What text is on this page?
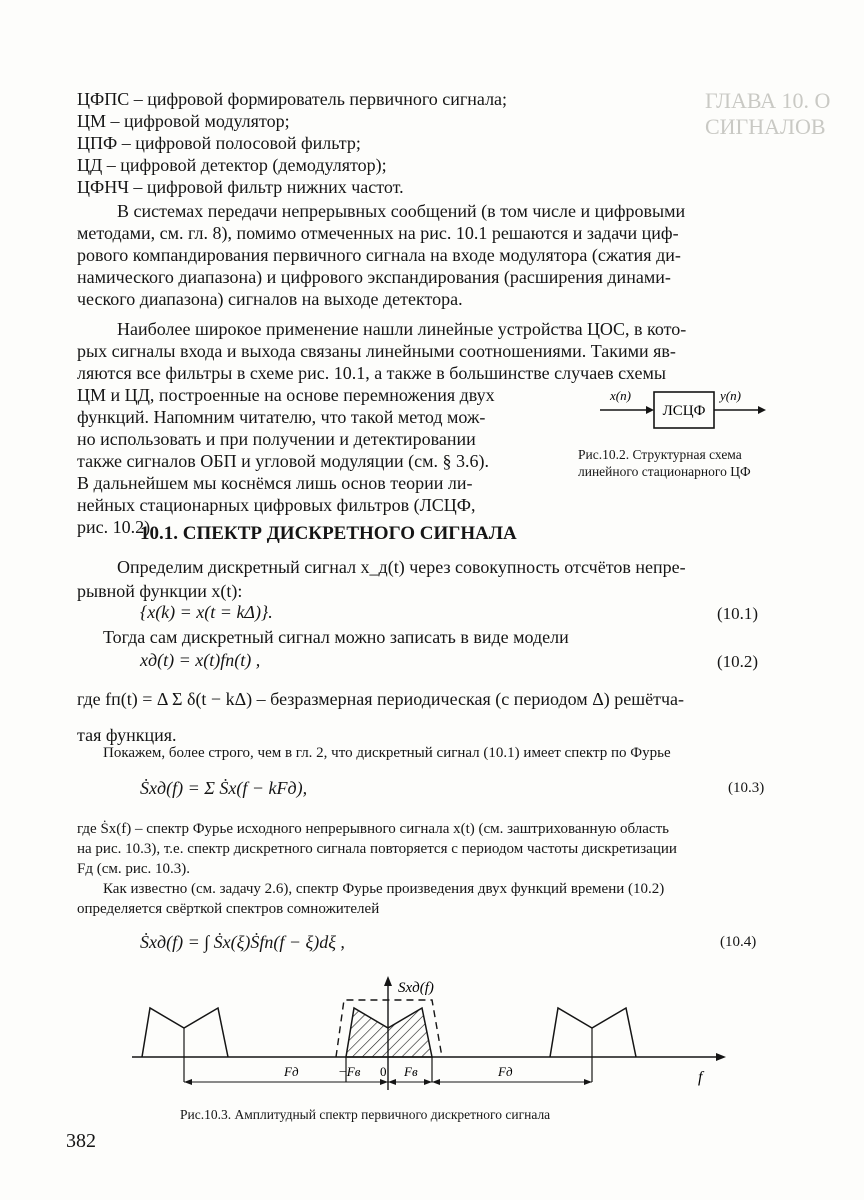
ГЛАВА 10. О
СИГНАЛОВ
ЦФПС – цифровой формирователь первичного сигнала;
ЦМ – цифровой модулятор;
ЦПФ – цифровой полосовой фильтр;
ЦД – цифровой детектор (демодулятор);
ЦФНЧ – цифровой фильтр нижних частот.
В системах передачи непрерывных сообщений (в том числе и цифровыми
методами, см. гл. 8), помимо отмеченных на рис. 10.1 решаются и задачи циф-
рового компандирования первичного сигнала на входе модулятора (сжатия ди-
намического диапазона) и цифрового экспандирования (расширения динами-
ческого диапазона) сигналов на выходе детектора.
Наиболее широкое применение нашли линейные устройства ЦОС, в кото-
рых сигналы входа и выхода связаны линейными соотношениями. Такими яв-
ляются все фильтры в схеме рис. 10.1, а также в большинстве случаев схемы
ЦМ и ЦД, построенные на основе перемножения двух
функций. Напомним читателю, что такой метод мож-
но использовать и при получении и детектировании
также сигналов ОБП и угловой модуляции (см. § 3.6).
В дальнейшем мы коснёмся лишь основ теории ли-
нейных стационарных цифровых фильтров (ЛСЦФ,
рис. 10.2)
x(n)	y(n)
ЛСЦФ
Рис.10.2. Структурная схема
линейного стационарного ЦФ
10.1. СПЕКТР ДИСКРЕТНОГО СИГНАЛА
Определим дискретный сигнал x_д(t) через совокупность отсчётов непре-
рывной функции x(t):
{x(k) = x(t = kΔ)}.	(10.1)
Тогда сам дискретный сигнал можно записать в виде модели
xд(t) = x(t)fп(t) ,	(10.2)
где fп(t) = Δ Σ δ(t − kΔ) – безразмерная периодическая (с периодом Δ) решётча-
тая функция.
Покажем, более строго, чем в гл. 2, что дискретный сигнал (10.1) имеет спектр по Фурье
Ṡxд(f) = Σ Ṡx(f − kFд),	(10.3)
где Ṡx(f) – спектр Фурье исходного непрерывного сигнала x(t) (см. заштрихованную область
на рис. 10.3), т.е. спектр дискретного сигнала повторяется с периодом частоты дискретизации
Fд (см. рис. 10.3).
Как известно (см. задачу 2.6), спектр Фурье произведения двух функций времени (10.2)
определяется свёрткой спектров сомножителей
Ṡxд(f) = ∫ Ṡx(ξ)Ṡfп(f − ξ)dξ ,	(10.4)
Sxд(f)
−Fв 0
Fд	Fв	Fд	f
Рис.10.3. Амплитудный спектр первичного дискретного сигнала
382
